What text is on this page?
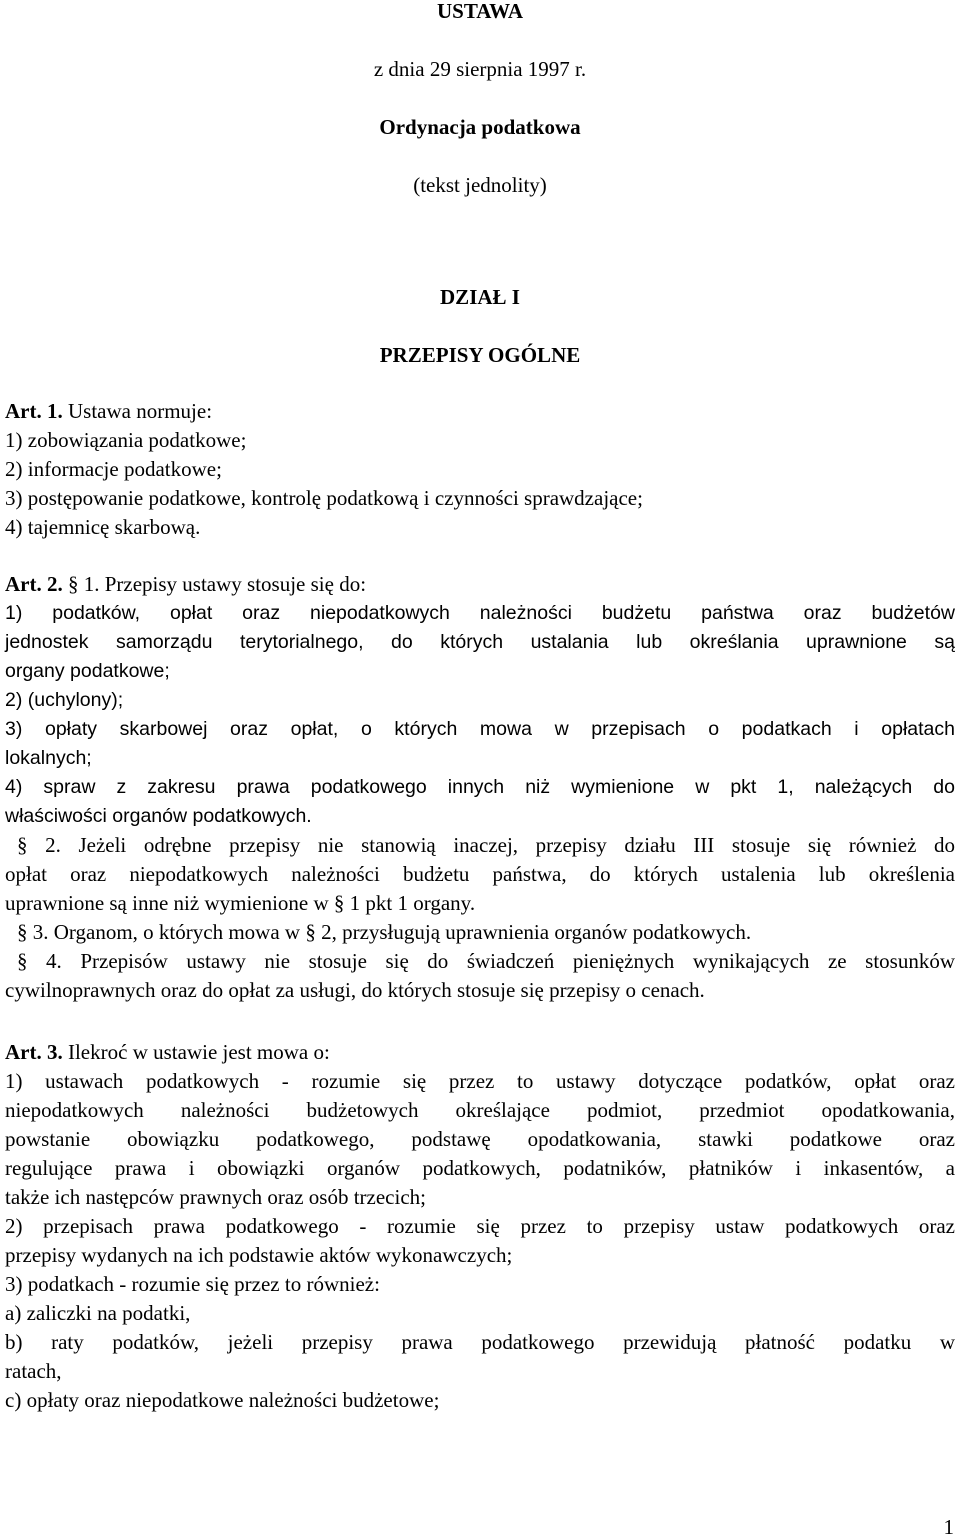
USTAWA
z dnia 29 sierpnia 1997 r.
Ordynacja podatkowa
(tekst jednolity)
DZIAŁ I
PRZEPISY OGÓLNE
Art. 1. Ustawa normuje:
1) zobowiązania podatkowe;
2) informacje podatkowe;
3) postępowanie podatkowe, kontrolę podatkową i czynności sprawdzające;
4) tajemnicę skarbową.
Art. 2. § 1. Przepisy ustawy stosuje się do:
1) podatków, opłat oraz niepodatkowych należności budżetu państwa oraz budżetów
jednostek samorządu terytorialnego, do których ustalania lub określania uprawnione są
organy podatkowe;
2) (uchylony);
3) opłaty skarbowej oraz opłat, o których mowa w przepisach o podatkach i opłatach
lokalnych;
4) spraw z zakresu prawa podatkowego innych niż wymienione w pkt 1, należących do
właściwości organów podatkowych.
§ 2. Jeżeli odrębne przepisy nie stanowią inaczej, przepisy działu III stosuje się również do
opłat oraz niepodatkowych należności budżetu państwa, do których ustalenia lub określenia
uprawnione są inne niż wymienione w § 1 pkt 1 organy.
§ 3. Organom, o których mowa w § 2, przysługują uprawnienia organów podatkowych.
§ 4. Przepisów ustawy nie stosuje się do świadczeń pieniężnych wynikających ze stosunków
cywilnoprawnych oraz do opłat za usługi, do których stosuje się przepisy o cenach.
Art. 3. Ilekroć w ustawie jest mowa o:
1) ustawach podatkowych - rozumie się przez to ustawy dotyczące podatków, opłat oraz
niepodatkowych należności budżetowych określające podmiot, przedmiot opodatkowania,
powstanie obowiązku podatkowego, podstawę opodatkowania, stawki podatkowe oraz
regulujące prawa i obowiązki organów podatkowych, podatników, płatników i inkasentów, a
także ich następców prawnych oraz osób trzecich;
2) przepisach prawa podatkowego - rozumie się przez to przepisy ustaw podatkowych oraz
przepisy wydanych na ich podstawie aktów wykonawczych;
3) podatkach - rozumie się przez to również:
a) zaliczki na podatki,
b) raty podatków, jeżeli przepisy prawa podatkowego przewidują płatność podatku w
ratach,
c) opłaty oraz niepodatkowe należności budżetowe;
1
